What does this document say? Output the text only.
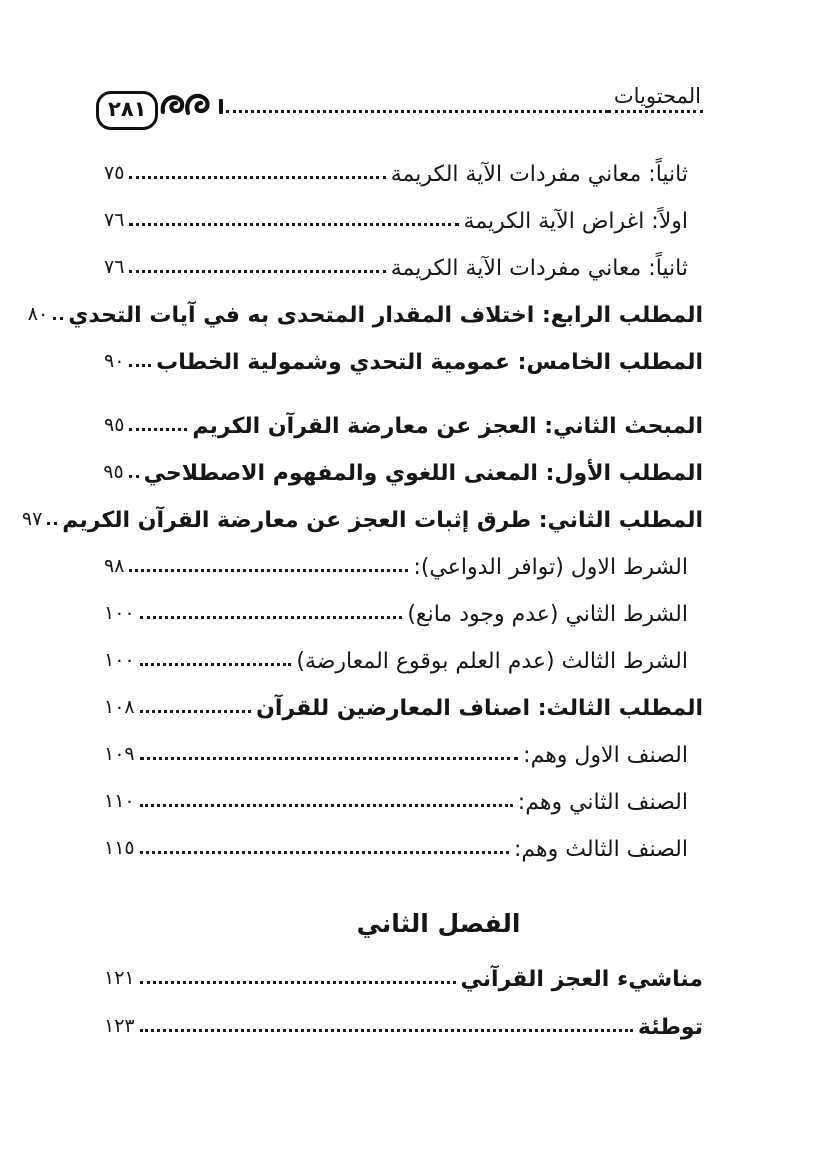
المحتويات
٢٨١
ثانياً: معاني مفردات الآية الكريمة
٧٥
اولاً: اغراض الآية الكريمة
٧٦
ثانياً: معاني مفردات الآية الكريمة
٧٦
المطلب الرابع: اختلاف المقدار المتحدى به في آيات التحدي
٨٠
المطلب الخامس: عمومية التحدي وشمولية الخطاب
٩٠
المبحث الثاني: العجز عن معارضة القرآن الكريم
٩٥
المطلب الأول: المعنى اللغوي والمفهوم الاصطلاحي
٩٥
المطلب الثاني: طرق إثبات العجز عن معارضة القرآن الكريم
٩٧
الشرط الاول (توافر الدواعي):
٩٨
الشرط الثاني (عدم وجود مانع)
١٠٠
الشرط الثالث (عدم العلم بوقوع المعارضة)
١٠٠
المطلب الثالث: اصناف المعارضين للقرآن
١٠٨
الصنف الاول وهم:
١٠٩
الصنف الثاني وهم:
١١٠
الصنف الثالث وهم:
١١٥
الفصل الثاني
مناشيء العجز القرآني
١٢١
توطئة
١٢٣
